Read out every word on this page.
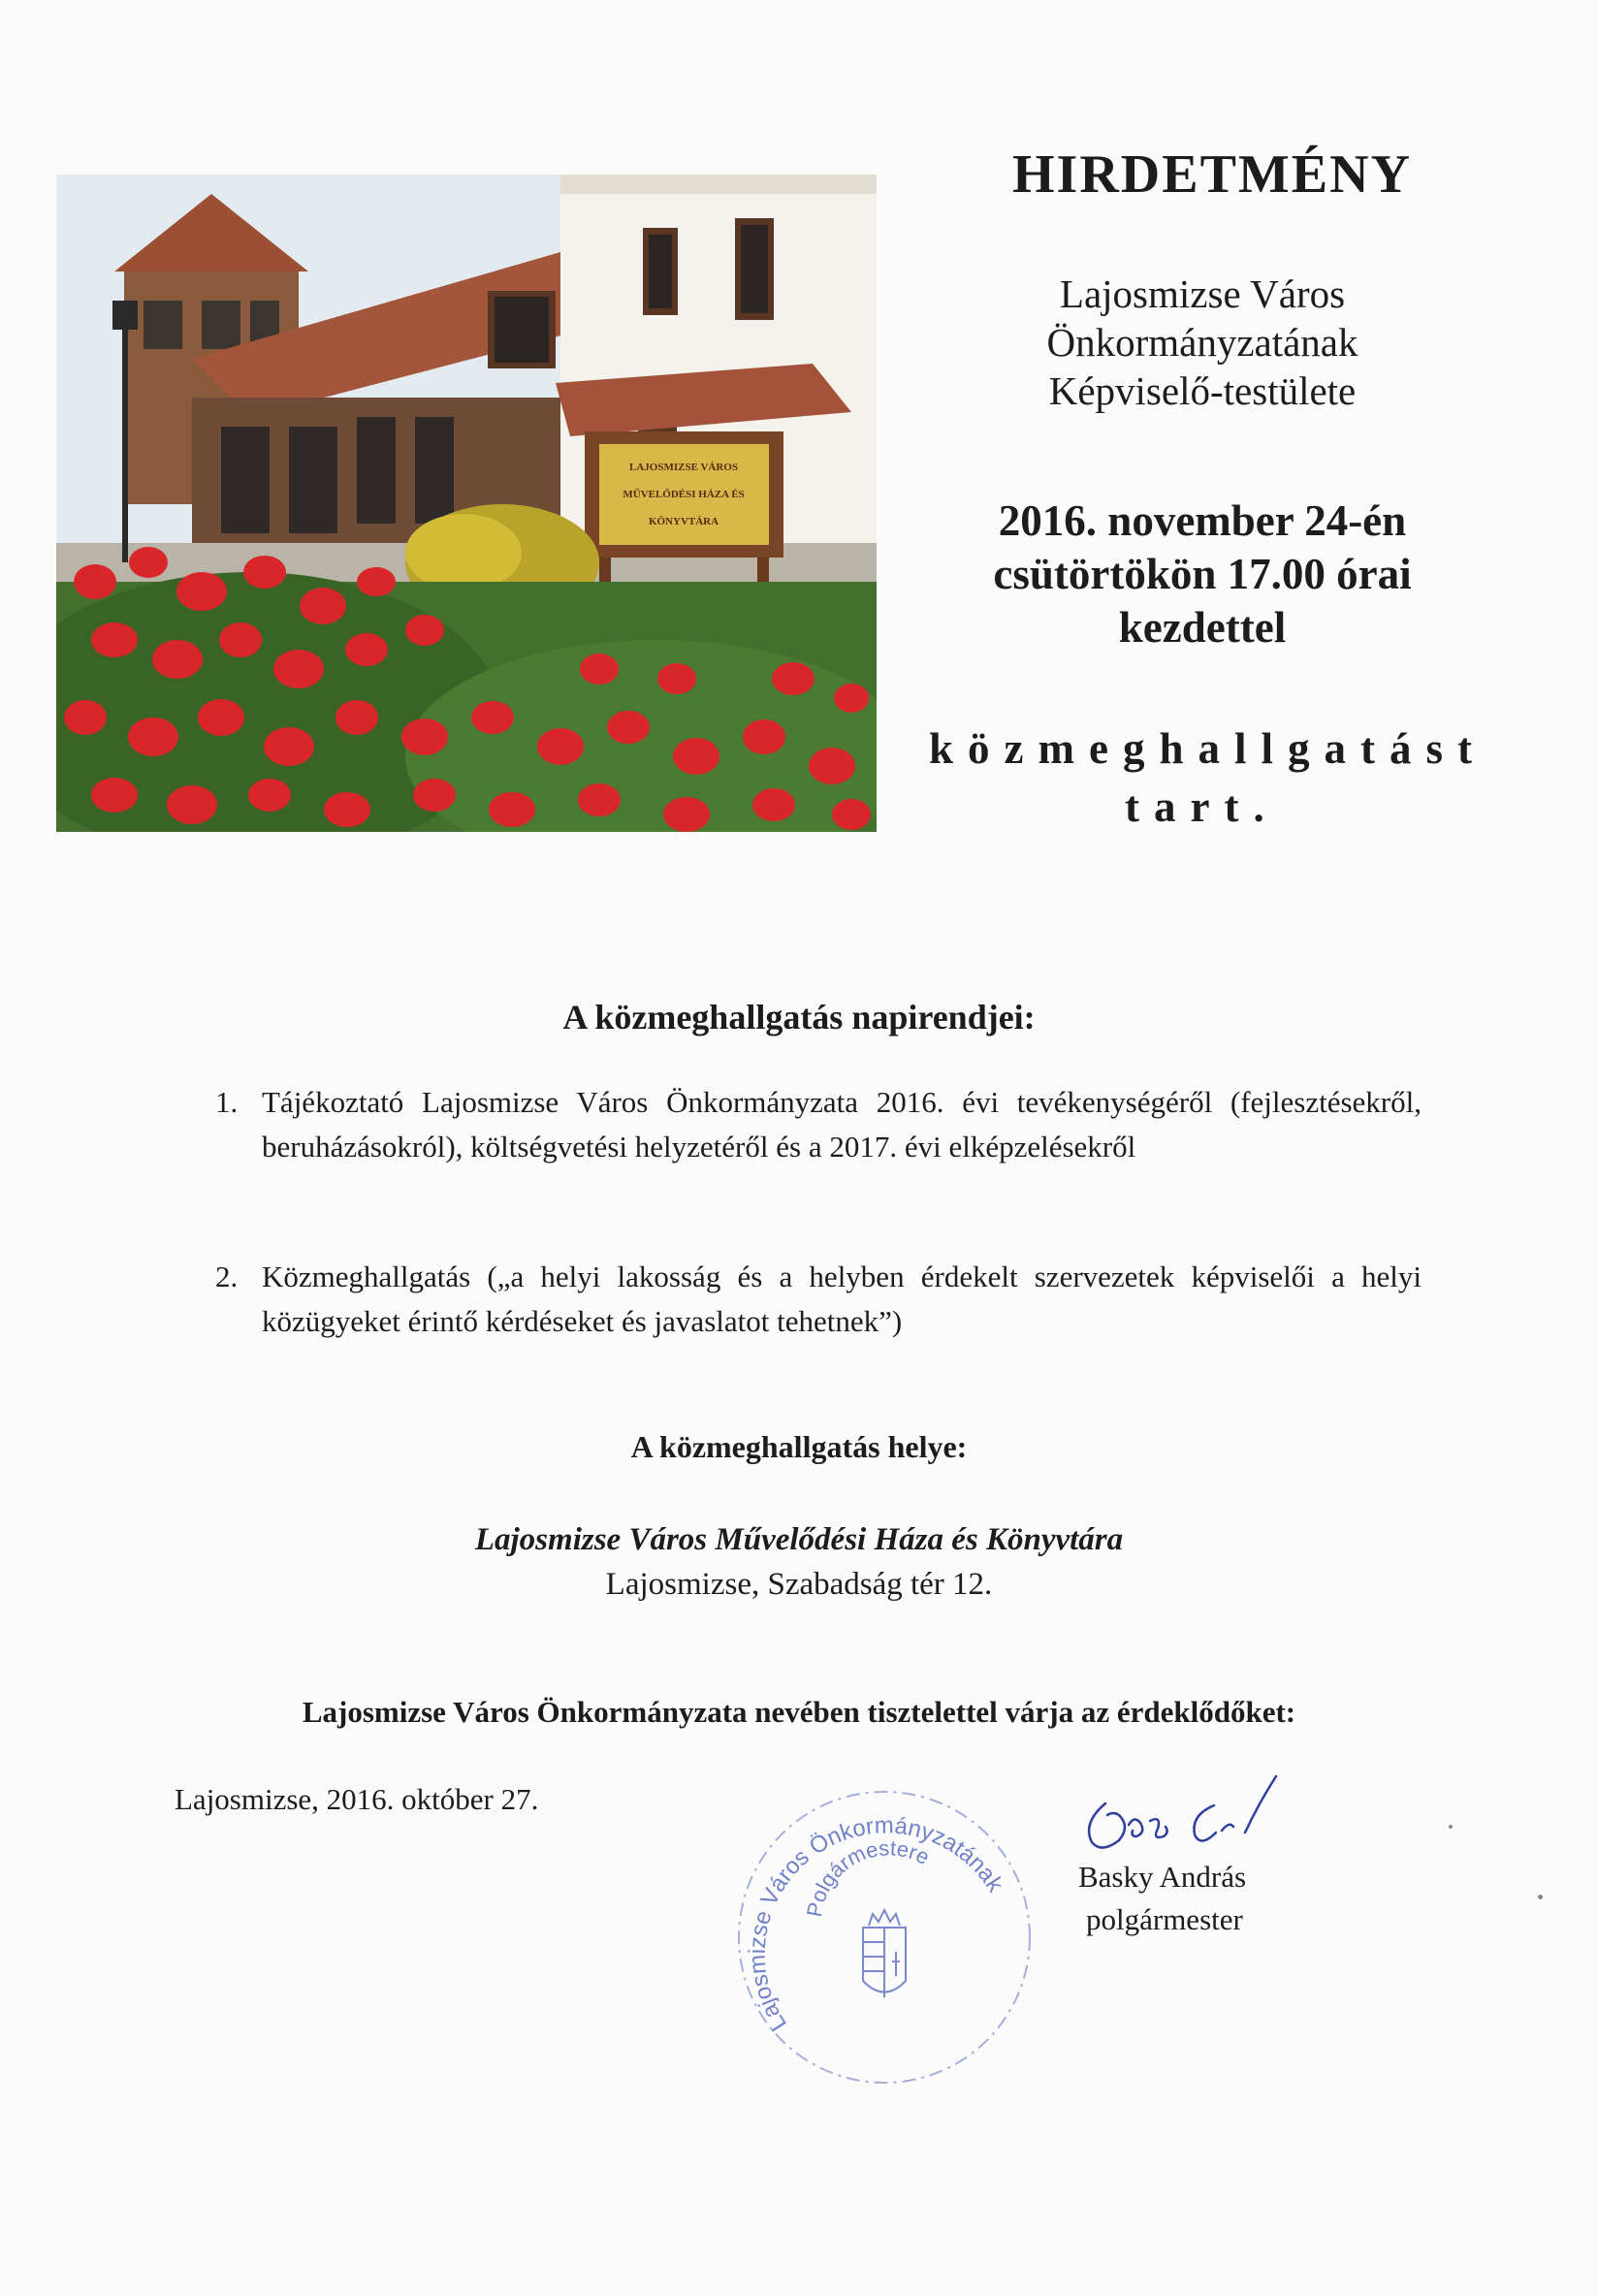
LAJOSMIZSE VÁROS
MŰVELŐDÉSI HÁZA ÉS
KÖNYVTÁRA
HIRDETMÉNY
Lajosmizse Város
Önkormányzatának
Képviselő-testülete
2016. november 24-én
csütörtökön 17.00 órai
kezdettel
közmeghallgatást
tart.
A közmeghallgatás napirendjei:
1. Tájékoztató Lajosmizse Város Önkormányzata 2016. évi tevékenységéről (fejlesztésekről, beruházásokról), költségvetési helyzetéről és a 2017. évi elképzelésekről
2. Közmeghallgatás („a helyi lakosság és a helyben érdekelt szervezetek képviselői a helyi közügyeket érintő kérdéseket és javaslatot tehetnek”)
A közmeghallgatás helye:
Lajosmizse Város Művelődési Háza és Könyvtára
Lajosmizse, Szabadság tér 12.
Lajosmizse Város Önkormányzata nevében tisztelettel várja az érdeklődőket:
Lajosmizse, 2016. október 27.
Lajosmizse Város Önkormányzatának
Polgármestere
Basky András
polgármester
